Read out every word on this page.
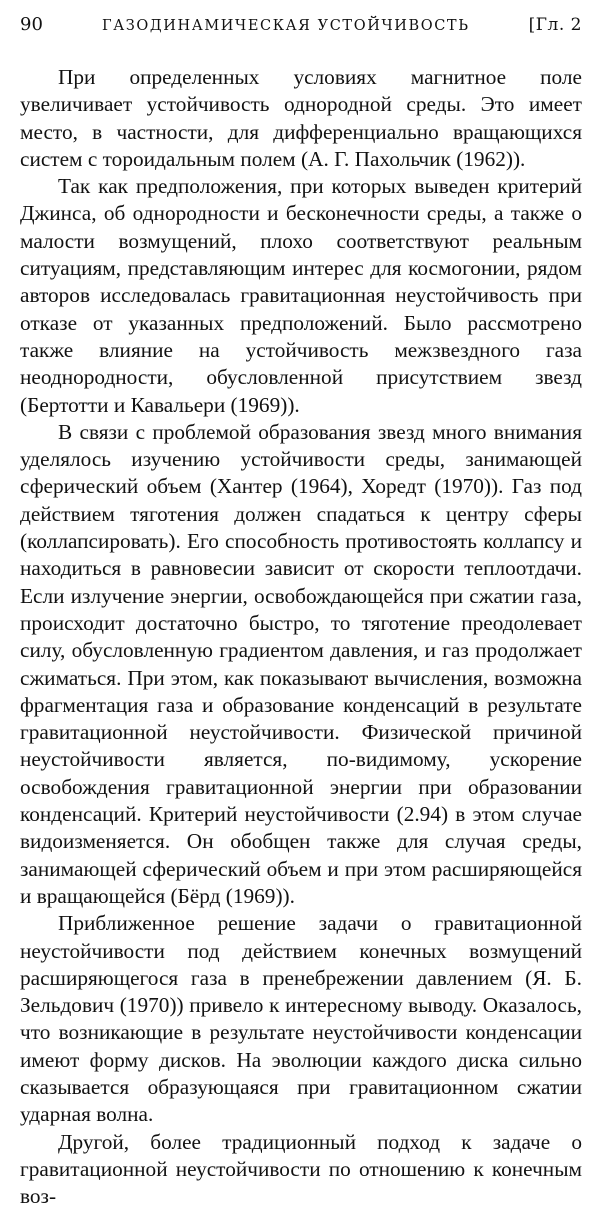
90	ГАЗОДИНАМИЧЕСКАЯ УСТОЙЧИВОСТЬ	[Гл. 2

При определенных условиях магнитное поле увеличивает устойчивость однородной среды. Это имеет место, в частности, для дифференциально вращающихся систем с тороидальным полем (А. Г. Пахольчик (1962)).

Так как предположения, при которых выведен критерий Джинса, об однородности и бесконечности среды, а также о малости возмущений, плохо соответствуют реальным ситуациям, представляющим интерес для космогонии, рядом авторов исследовалась гравитационная неустойчивость при отказе от указанных предположений. Было рассмотрено также влияние на устойчивость межзвездного газа неоднородности, обусловленной присутствием звезд (Бертотти и Кавальери (1969)).

В связи с проблемой образования звезд много внимания уделялось изучению устойчивости среды, занимающей сферический объем (Хантер (1964), Хоредт (1970)). Газ под действием тяготения должен спадаться к центру сферы (коллапсировать). Его способность противостоять коллапсу и находиться в равновесии зависит от скорости теплоотдачи. Если излучение энергии, освобождающейся при сжатии газа, происходит достаточно быстро, то тяготение преодолевает силу, обусловленную градиентом давления, и газ продолжает сжиматься. При этом, как показывают вычисления, возможна фрагментация газа и образование конденсаций в результате гравитационной неустойчивости. Физической причиной неустойчивости является, по-видимому, ускорение освобождения гравитационной энергии при образовании конденсаций. Критерий неустойчивости (2.94) в этом случае видоизменяется. Он обобщен также для случая среды, занимающей сферический объем и при этом расширяющейся и вращающейся (Бёрд (1969)).

Приближенное решение задачи о гравитационной неустойчивости под действием конечных возмущений расширяющегося газа в пренебрежении давлением (Я. Б. Зельдович (1970)) привело к интересному выводу. Оказалось, что возникающие в результате неустойчивости конденсации имеют форму дисков. На эволюции каждого диска сильно сказывается образующаяся при гравитационном сжатии ударная волна.

Другой, более традиционный подход к задаче о гравитационной неустойчивости по отношению к конечным воз-
